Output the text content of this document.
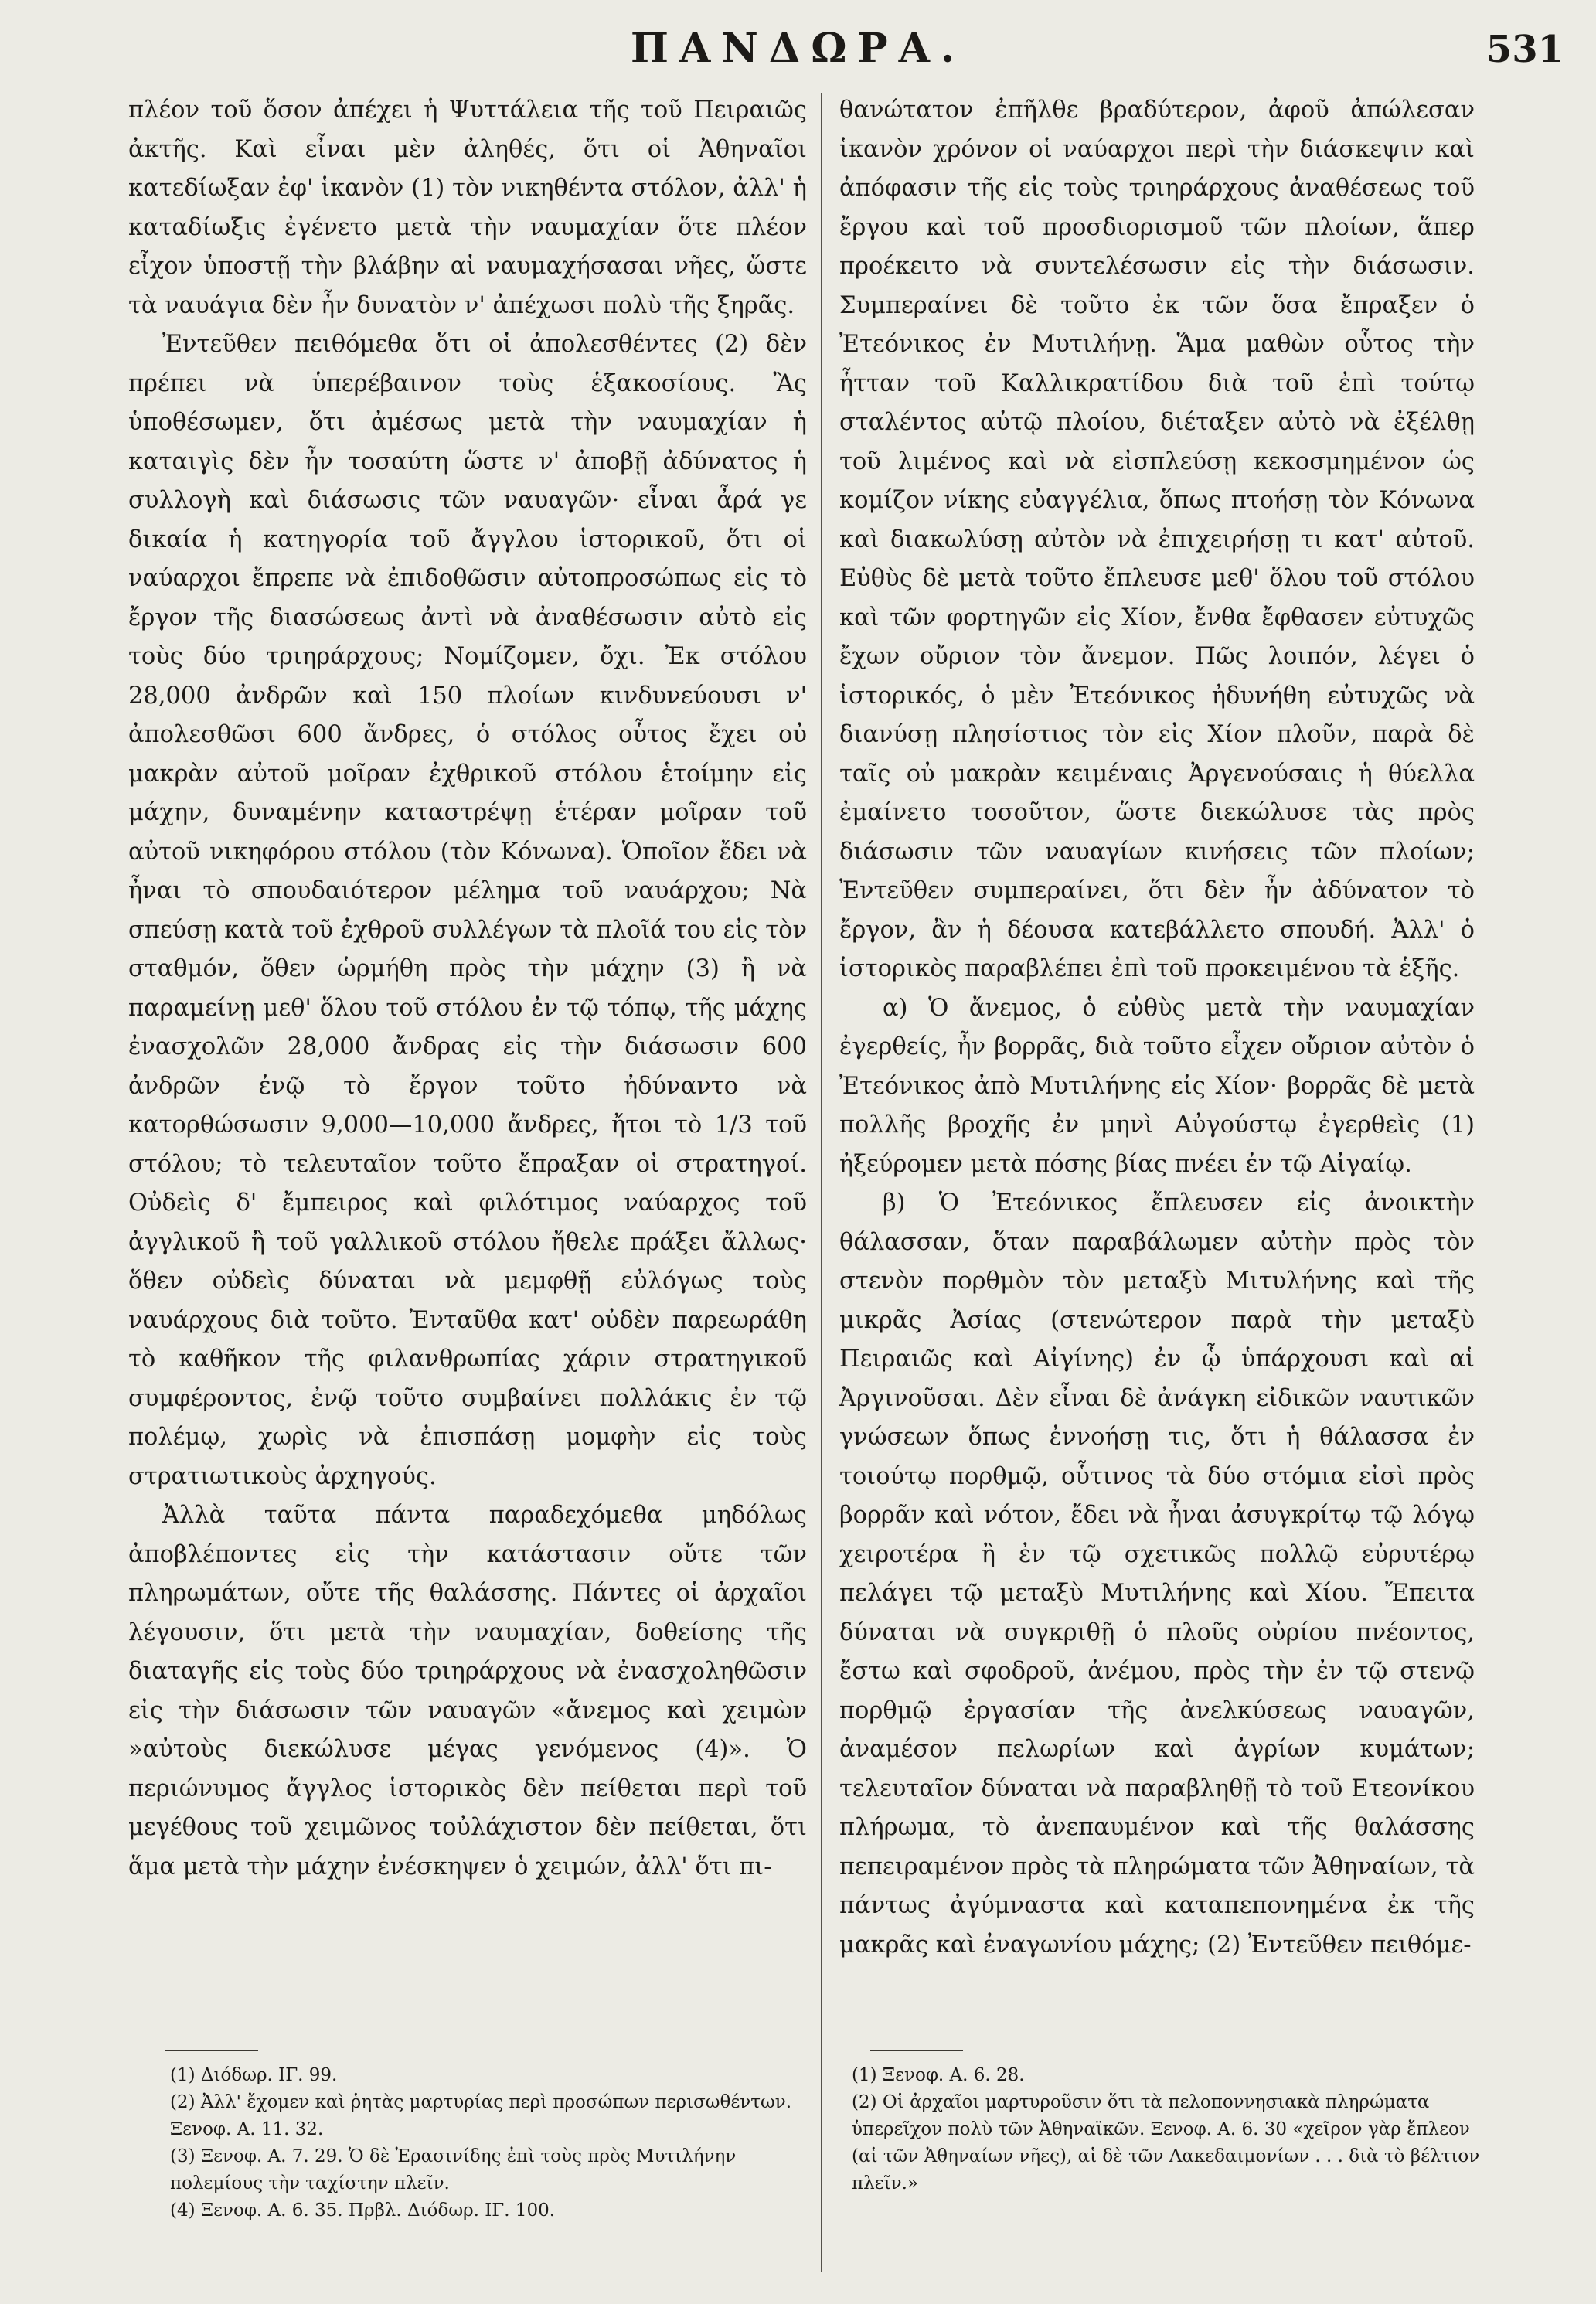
ΠΑΝΔΩΡΑ.	531

πλέον τοῦ ὅσον ἀπέχει ἡ Ψυττάλεια τῆς τοῦ Πειραιῶς ἀκτῆς. Καὶ εἶναι μὲν ἀληθές, ὅτι οἱ Ἀθηναῖοι κατεδίωξαν ἐφ' ἱκανὸν (1) τὸν νικηθέντα στόλον, ἀλλ' ἡ καταδίωξις ἐγένετο μετὰ τὴν ναυμαχίαν ὅτε πλέον εἶχον ὑποστῇ τὴν βλάβην αἱ ναυμαχήσασαι νῆες, ὥστε τὰ ναυάγια δὲν ἦν δυνατὸν ν' ἀπέχωσι πολὺ τῆς ξηρᾶς.

Ἐντεῦθεν πειθόμεθα ὅτι οἱ ἀπολεσθέντες (2) δὲν πρέπει νὰ ὑπερέβαινον τοὺς ἑξακοσίους. Ἂς ὑποθέσωμεν, ὅτι ἀμέσως μετὰ τὴν ναυμαχίαν ἡ καταιγὶς δὲν ἦν τοσαύτη ὥστε ν' ἀποβῇ ἀδύνατος ἡ συλλογὴ καὶ διάσωσις τῶν ναυαγῶν· εἶναι ἆρά γε δικαία ἡ κατηγορία τοῦ ἄγγλου ἱστορικοῦ, ὅτι οἱ ναύαρχοι ἔπρεπε νὰ ἐπιδοθῶσιν αὐτοπροσώπως εἰς τὸ ἔργον τῆς διασώσεως ἀντὶ νὰ ἀναθέσωσιν αὐτὸ εἰς τοὺς δύο τριηράρχους; Νομίζομεν, ὄχι. Ἐκ στόλου 28,000 ἀνδρῶν καὶ 150 πλοίων κινδυνεύουσι ν' ἀπολεσθῶσι 600 ἄνδρες, ὁ στόλος οὗτος ἔχει οὐ μακρὰν αὐτοῦ μοῖραν ἐχθρικοῦ στόλου ἑτοίμην εἰς μάχην, δυναμένην καταστρέψῃ ἑτέραν μοῖραν τοῦ αὐτοῦ νικηφόρου στόλου (τὸν Κόνωνα). Ὁποῖον ἔδει νὰ ἦναι τὸ σπουδαιότερον μέλημα τοῦ ναυάρχου; Νὰ σπεύσῃ κατὰ τοῦ ἐχθροῦ συλλέγων τὰ πλοῖά του εἰς τὸν σταθμόν, ὅθεν ὡρμήθη πρὸς τὴν μάχην (3) ἢ νὰ παραμείνῃ μεθ' ὅλου τοῦ στόλου ἐν τῷ τόπῳ, τῆς μάχης ἐνασχολῶν 28,000 ἄνδρας εἰς τὴν διάσωσιν 600 ἀνδρῶν ἐνῷ τὸ ἔργον τοῦτο ἠδύναντο νὰ κατορθώσωσιν 9,000—10,000 ἄνδρες, ἤτοι τὸ 1/3 τοῦ στόλου; τὸ τελευταῖον τοῦτο ἔπραξαν οἱ στρατηγοί. Οὐδεὶς δ' ἔμπειρος καὶ φιλότιμος ναύαρχος τοῦ ἀγγλικοῦ ἢ τοῦ γαλλικοῦ στόλου ἤθελε πράξει ἄλλως· ὅθεν οὐδεὶς δύναται νὰ μεμφθῇ εὐλόγως τοὺς ναυάρχους διὰ τοῦτο. Ἐνταῦθα κατ' οὐδὲν παρεωράθη τὸ καθῆκον τῆς φιλανθρωπίας χάριν στρατηγικοῦ συμφέροντος, ἐνῷ τοῦτο συμβαίνει πολλάκις ἐν τῷ πολέμῳ, χωρὶς νὰ ἐπισπάσῃ μομφὴν εἰς τοὺς στρατιωτικοὺς ἀρχηγούς.

Ἀλλὰ ταῦτα πάντα παραδεχόμεθα μηδόλως ἀποβλέποντες εἰς τὴν κατάστασιν οὔτε τῶν πληρωμάτων, οὔτε τῆς θαλάσσης. Πάντες οἱ ἀρχαῖοι λέγουσιν, ὅτι μετὰ τὴν ναυμαχίαν, δοθείσης τῆς διαταγῆς εἰς τοὺς δύο τριηράρχους νὰ ἐνασχοληθῶσιν εἰς τὴν διάσωσιν τῶν ναυαγῶν «ἄνεμος καὶ χειμὼν »αὐτοὺς διεκώλυσε μέγας γενόμενος (4)». Ὁ περιώνυμος ἄγγλος ἱστορικὸς δὲν πείθεται περὶ τοῦ μεγέθους τοῦ χειμῶνος τοὐλάχιστον δὲν πείθεται, ὅτι ἅμα μετὰ τὴν μάχην ἐνέσκηψεν ὁ χειμών, ἀλλ' ὅτι πι-

θανώτατον ἐπῆλθε βραδύτερον, ἀφοῦ ἀπώλεσαν ἱκανὸν χρόνον οἱ ναύαρχοι περὶ τὴν διάσκεψιν καὶ ἀπόφασιν τῆς εἰς τοὺς τριηράρχους ἀναθέσεως τοῦ ἔργου καὶ τοῦ προσδιορισμοῦ τῶν πλοίων, ἅπερ προέκειτο νὰ συντελέσωσιν εἰς τὴν διάσωσιν. Συμπεραίνει δὲ τοῦτο ἐκ τῶν ὅσα ἔπραξεν ὁ Ἐτεόνικος ἐν Μυτιλήνῃ. Ἅμα μαθὼν οὗτος τὴν ἧτταν τοῦ Καλλικρατίδου διὰ τοῦ ἐπὶ τούτῳ σταλέντος αὐτῷ πλοίου, διέταξεν αὐτὸ νὰ ἐξέλθῃ τοῦ λιμένος καὶ νὰ εἰσπλεύσῃ κεκοσμημένον ὡς κομίζον νίκης εὐαγγέλια, ὅπως πτοήσῃ τὸν Κόνωνα καὶ διακωλύσῃ αὐτὸν νὰ ἐπιχειρήσῃ τι κατ' αὐτοῦ. Εὐθὺς δὲ μετὰ τοῦτο ἔπλευσε μεθ' ὅλου τοῦ στόλου καὶ τῶν φορτηγῶν εἰς Χίον, ἔνθα ἔφθασεν εὐτυχῶς ἔχων οὔριον τὸν ἄνεμον. Πῶς λοιπόν, λέγει ὁ ἱστορικός, ὁ μὲν Ἐτεόνικος ἠδυνήθη εὐτυχῶς νὰ διανύσῃ πλησίστιος τὸν εἰς Χίον πλοῦν, παρὰ δὲ ταῖς οὐ μακρὰν κειμέναις Ἀργενούσαις ἡ θύελλα ἐμαίνετο τοσοῦτον, ὥστε διεκώλυσε τὰς πρὸς διάσωσιν τῶν ναυαγίων κινήσεις τῶν πλοίων; Ἐντεῦθεν συμπεραίνει, ὅτι δὲν ἦν ἀδύνατον τὸ ἔργον, ἂν ἡ δέουσα κατεβάλλετο σπουδή. Ἀλλ' ὁ ἱστορικὸς παραβλέπει ἐπὶ τοῦ προκειμένου τὰ ἑξῆς.

α) Ὁ ἄνεμος, ὁ εὐθὺς μετὰ τὴν ναυμαχίαν ἐγερθείς, ἦν βορρᾶς, διὰ τοῦτο εἶχεν οὔριον αὐτὸν ὁ Ἐτεόνικος ἀπὸ Μυτιλήνης εἰς Χίον· βορρᾶς δὲ μετὰ πολλῆς βροχῆς ἐν μηνὶ Αὐγούστῳ ἐγερθεὶς (1) ἠξεύρομεν μετὰ πόσης βίας πνέει ἐν τῷ Αἰγαίῳ.

β) Ὁ Ἐτεόνικος ἔπλευσεν εἰς ἀνοικτὴν θάλασσαν, ὅταν παραβάλωμεν αὐτὴν πρὸς τὸν στενὸν πορθμὸν τὸν μεταξὺ Μιτυλήνης καὶ τῆς μικρᾶς Ἀσίας (στενώτερον παρὰ τὴν μεταξὺ Πειραιῶς καὶ Αἰγίνης) ἐν ᾧ ὑπάρχουσι καὶ αἱ Ἀργινοῦσαι. Δὲν εἶναι δὲ ἀνάγκη εἰδικῶν ναυτικῶν γνώσεων ὅπως ἐννοήσῃ τις, ὅτι ἡ θάλασσα ἐν τοιούτῳ πορθμῷ, οὗτινος τὰ δύο στόμια εἰσὶ πρὸς βορρᾶν καὶ νότον, ἔδει νὰ ἦναι ἀσυγκρίτῳ τῷ λόγῳ χειροτέρα ἢ ἐν τῷ σχετικῶς πολλῷ εὐρυτέρῳ πελάγει τῷ μεταξὺ Μυτιλήνης καὶ Χίου. Ἔπειτα δύναται νὰ συγκριθῇ ὁ πλοῦς οὐρίου πνέοντος, ἔστω καὶ σφοδροῦ, ἀνέμου, πρὸς τὴν ἐν τῷ στενῷ πορθμῷ ἐργασίαν τῆς ἀνελκύσεως ναυαγῶν, ἀναμέσον πελωρίων καὶ ἀγρίων κυμάτων; τελευταῖον δύναται νὰ παραβληθῇ τὸ τοῦ Ετεονίκου πλήρωμα, τὸ ἀνεπαυμένον καὶ τῆς θαλάσσης πεπειραμένον πρὸς τὰ πληρώματα τῶν Ἀθηναίων, τὰ πάντως ἀγύμναστα καὶ καταπεπονημένα ἐκ τῆς μακρᾶς καὶ ἐναγωνίου μάχης; (2) Ἐντεῦθεν πειθόμε-

(1) Διόδωρ. ΙΓ. 99.

(2) Ἀλλ' ἔχομεν καὶ ῥητὰς μαρτυρίας περὶ προσώπων περισωθέντων. Ξενοφ. Α. 11. 32.

(3) Ξενοφ. Α. 7. 29. Ὁ δὲ Ἐρασινίδης ἐπὶ τοὺς πρὸς Μυτιλήνην πολεμίους τὴν ταχίστην πλεῖν.

(4) Ξενοφ. Α. 6. 35. Πρβλ. Διόδωρ. ΙΓ. 100.

(1) Ξενοφ. Α. 6. 28.

(2) Οἱ ἀρχαῖοι μαρτυροῦσιν ὅτι τὰ πελοποννησιακὰ πληρώματα ὑπερεῖχον πολὺ τῶν Ἀθηναϊκῶν. Ξενοφ. Α. 6. 30 «χεῖρον γὰρ ἔπλεον (αἱ τῶν Ἀθηναίων νῆες), αἱ δὲ τῶν Λακεδαιμονίων . . . διὰ τὸ βέλτιον πλεῖν.»
